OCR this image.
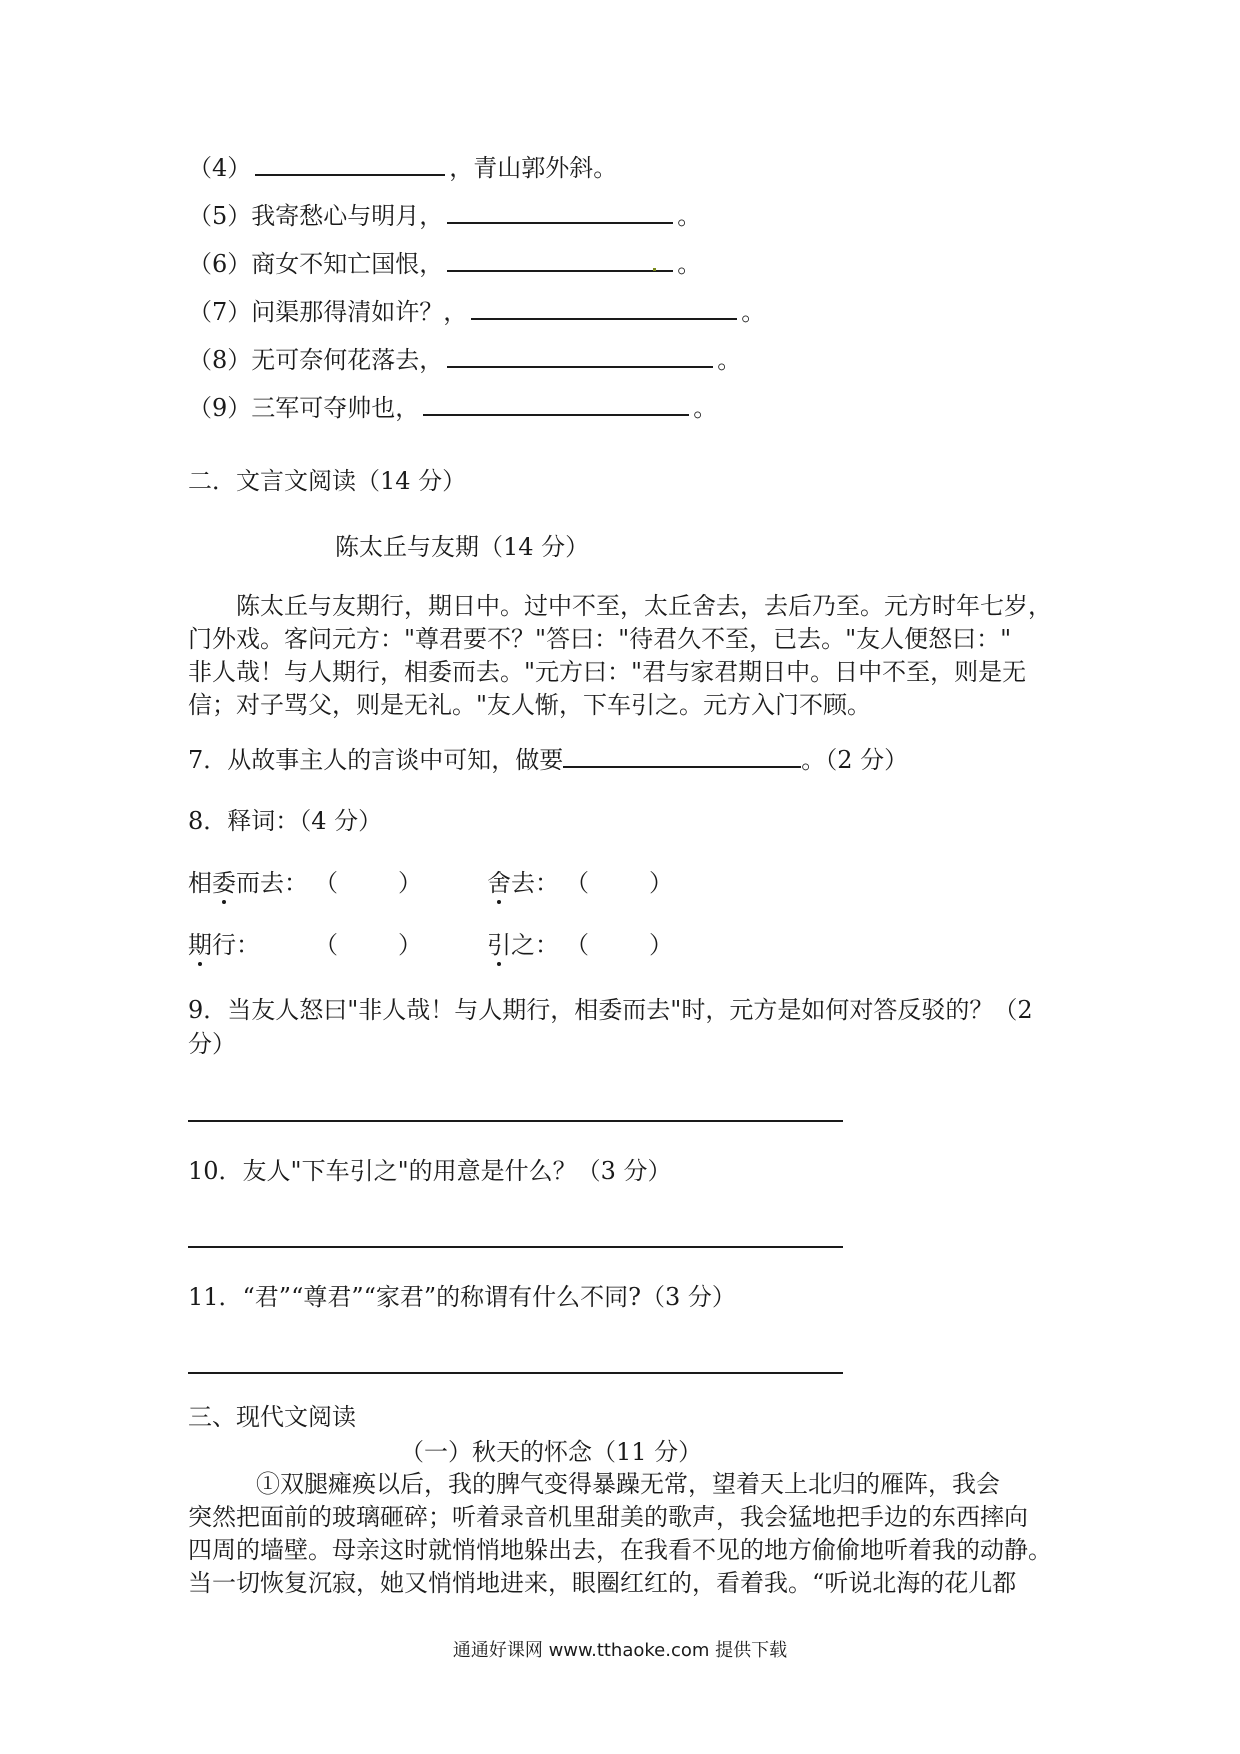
（4）	，青山郭外斜。
（5）我寄愁心与明月，	。
（6）商女不知亡国恨，	。
（7）问渠那得清如许？，	。
（8）无可奈何花落去，	。
（9）三军可夺帅也，	。
二．文言文阅读（14 分）
陈太丘与友期（14 分）
陈太丘与友期行，期日中。过中不至，太丘舍去，去后乃至。元方时年七岁，
门外戏。客问元方："尊君要不？"答曰："待君久不至，已去。"友人便怒曰："
非人哉！与人期行，相委而去。"元方曰："君与家君期日中。日中不至，则是无
信；对子骂父，则是无礼。"友人惭，下车引之。元方入门不顾。
7．从故事主人的言谈中可知，做要	。（2 分）
8．释词：（4 分）
相委而去： （	）	舍去： （	）
期行： （	）	引之： （	）
9．当友人怒曰"非人哉！与人期行，相委而去"时，元方是如何对答反驳的？（2
分）
10．友人"下车引之"的用意是什么？（3 分）
11．“君”“尊君”“家君”的称谓有什么不同?（3 分）
三、现代文阅读
（一）秋天的怀念（11 分）
①双腿瘫痪以后，我的脾气变得暴躁无常，望着天上北归的雁阵，我会
突然把面前的玻璃砸碎；听着录音机里甜美的歌声，我会猛地把手边的东西摔向
四周的墙壁。母亲这时就悄悄地躲出去，在我看不见的地方偷偷地听着我的动静。
当一切恢复沉寂，她又悄悄地进来，眼圈红红的，看着我。“听说北海的花儿都
通通好课网 www.tthaoke.com 提供下载
